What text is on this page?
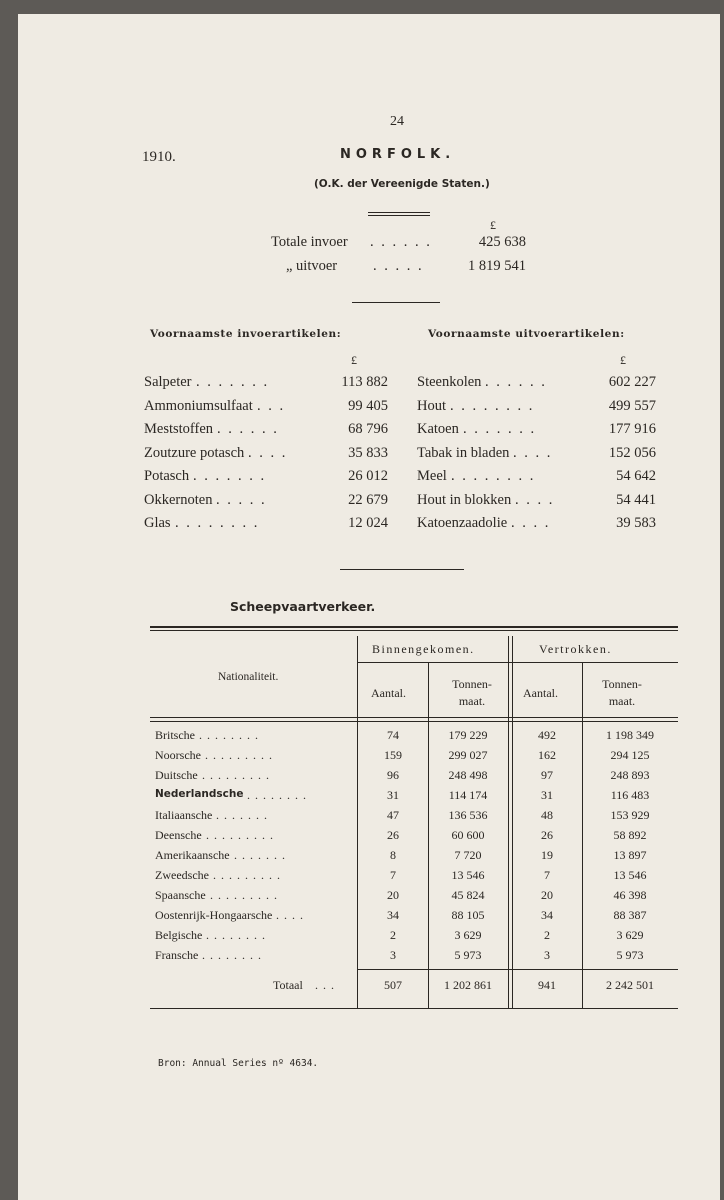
24
1910.	NORFOLK.
(O.K. der Vereenigde Staten.)
£
Totale invoer . . . . . .	425 638
„ uitvoer . . . . .	1 819 541
Voornaamste invoerartikelen:	Voornaamste uitvoerartikelen:
£	£
Salpeter . . . . . . .	113 882
Ammoniumsulfaat . . .	99 405
Meststoffen . . . . . .	68 796
Zoutzure potasch . . . .	35 833
Potasch . . . . . . .	26 012
Okkernoten . . . . .	22 679
Glas . . . . . . . .	12 024
Steenkolen . . . . . .	602 227
Hout . . . . . . . .	499 557
Katoen . . . . . . .	177 916
Tabak in bladen . . . .	152 056
Meel . . . . . . . .	54 642
Hout in blokken . . . .	54 441
Katoenzaadolie . . . .	39 583
Scheepvaartverkeer.
Nationaliteit.
Binnengekomen.	Vertrokken.
Aantal.
Tonnen-maat.
Aantal.
Tonnen-maat.
Britsche . . . . . . . .	74	179 229	492	1 198 349
Noorsche . . . . . . . . .	159	299 027	162	294 125
Duitsche . . . . . . . . .	96	248 498	97	248 893
Nederlandsche . . . . . . . .	31	114 174	31	116 483
Italiaansche . . . . . . .	47	136 536	48	153 929
Deensche . . . . . . . . .	26	60 600	26	58 892
Amerikaansche . . . . . . .	8	7 720	19	13 897
Zweedsche . . . . . . . . .	7	13 546	7	13 546
Spaansche . . . . . . . . .	20	45 824	20	46 398
Oostenrijk-Hongaarsche . . . .	34	88 105	34	88 387
Belgische . . . . . . . .	2	3 629	2	3 629
Fransche . . . . . . . .	3	5 973	3	5 973
Totaal . . .	507	1 202 861	941	2 242 501
Bron: Annual Series nº 4634.
